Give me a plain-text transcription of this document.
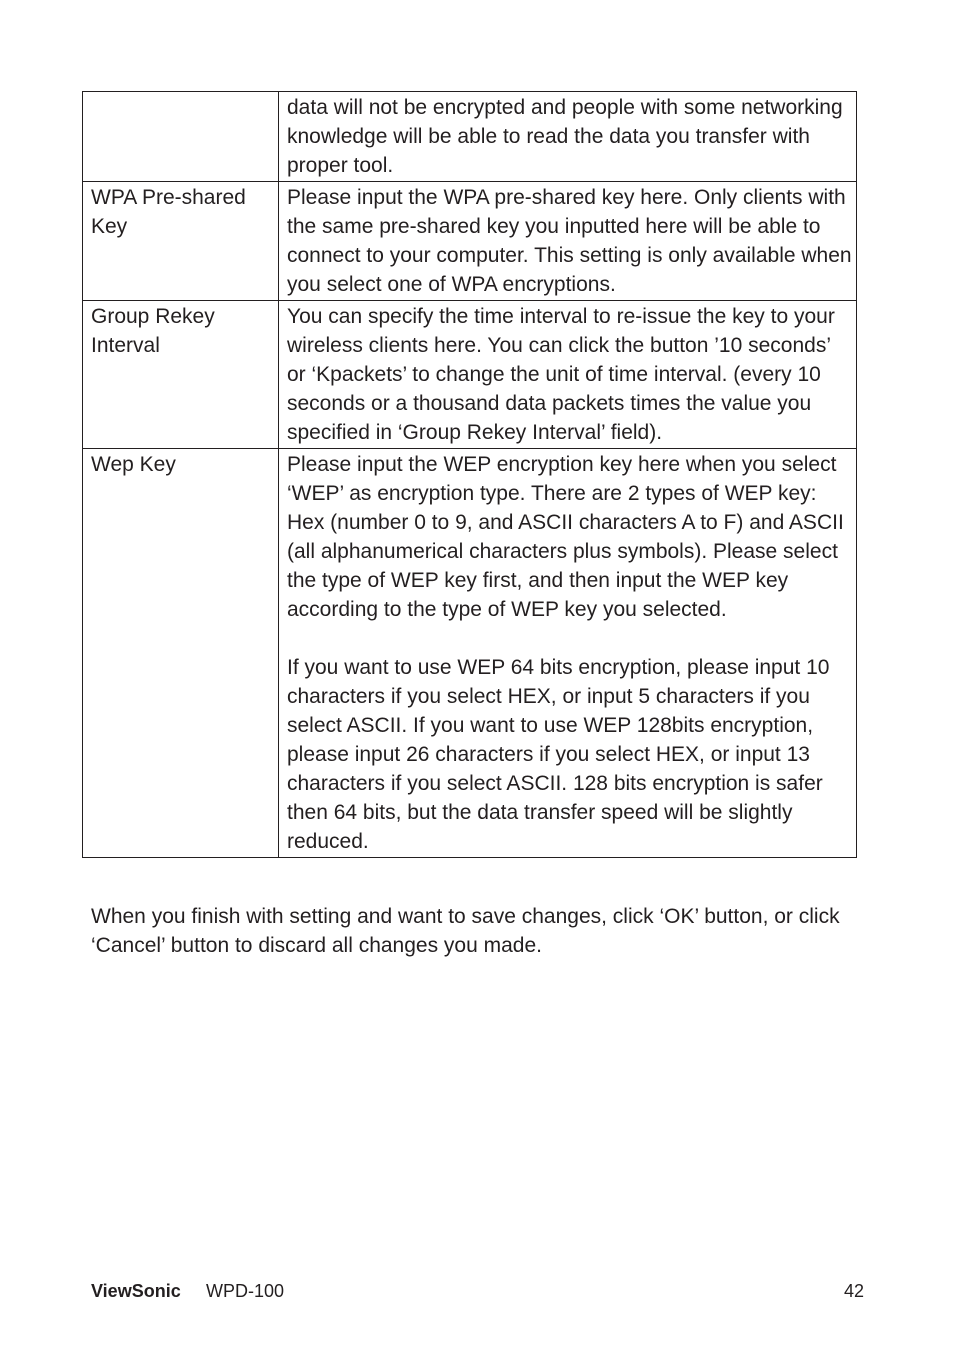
	data will not be encrypted and people with some networking knowledge will be able to read the data you transfer with proper tool.

WPA Pre-shared Key	Please input the WPA pre-shared key here. Only clients with the same pre-shared key you inputted here will be able to connect to your computer. This setting is only available when you select one of WPA encryptions.

Group Rekey Interval	You can specify the time interval to re-issue the key to your wireless clients here. You can click the button ’10 seconds’ or ‘Kpackets’ to change the unit of time interval. (every 10 seconds or a thousand data packets times the value you specified in ‘Group Rekey Interval’ field).

Wep Key	Please input the WEP encryption key here when you select ‘WEP’ as encryption type. There are 2 types of WEP key: Hex (number 0 to 9, and ASCII characters A to F) and ASCII (all alphanumerical characters plus symbols). Please select the type of WEP key first, and then input the WEP key according to the type of WEP key you selected.
If you want to use WEP 64 bits encryption, please input 10 characters if you select HEX, or input 5 characters if you select ASCII. If you want to use WEP 128bits encryption, please input 26 characters if you select HEX, or input 13 characters if you select ASCII. 128 bits encryption is safer then 64 bits, but the data transfer speed will be slightly reduced.

When you finish with setting and want to save changes, click ‘OK’ button, or click ‘Cancel’ button to discard all changes you made.

ViewSonic WPD-100	42
